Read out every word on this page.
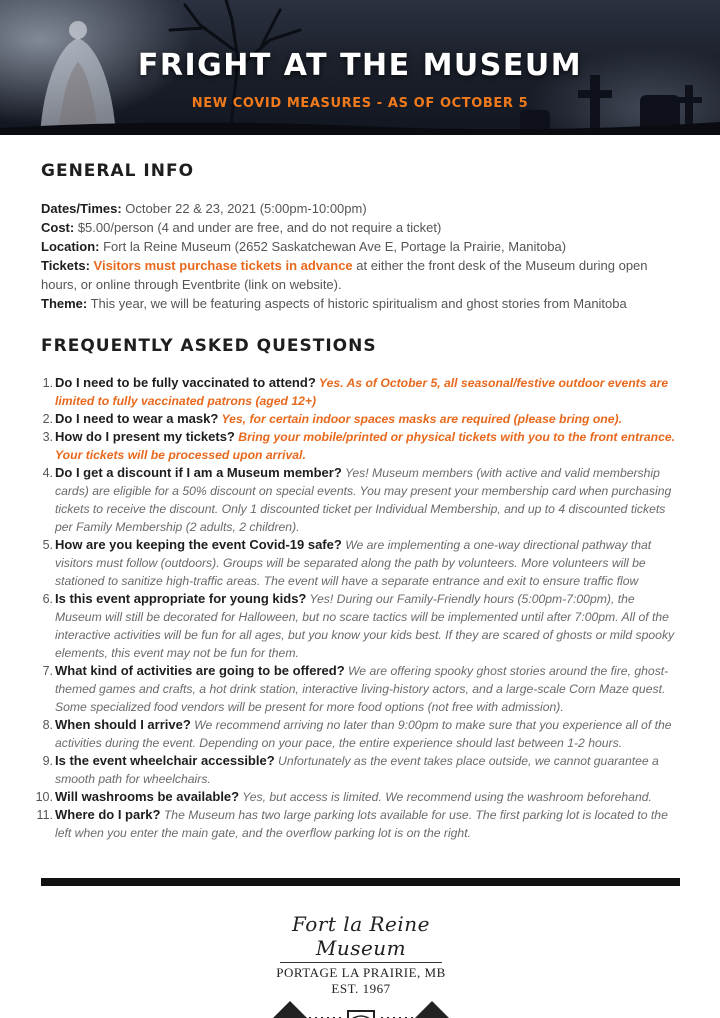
FRIGHT AT THE MUSEUM
NEW COVID MEASURES - AS OF OCTOBER 5
GENERAL INFO
Dates/Times: October 22 & 23, 2021 (5:00pm-10:00pm)
Cost: $5.00/person (4 and under are free, and do not require a ticket)
Location: Fort la Reine Museum (2652 Saskatchewan Ave E, Portage la Prairie, Manitoba)
Tickets: Visitors must purchase tickets in advance at either the front desk of the Museum during open hours, or online through Eventbrite (link on website).
Theme: This year, we will be featuring aspects of historic spiritualism and ghost stories from Manitoba
FREQUENTLY ASKED QUESTIONS
1. Do I need to be fully vaccinated to attend? Yes. As of October 5, all seasonal/festive outdoor events are limited to fully vaccinated patrons (aged 12+)
2. Do I need to wear a mask? Yes, for certain indoor spaces masks are required (please bring one).
3. How do I present my tickets? Bring your mobile/printed or physical tickets with you to the front entrance. Your tickets will be processed upon arrival.
4. Do I get a discount if I am a Museum member? Yes! Museum members (with active and valid membership cards) are eligible for a 50% discount on special events. You may present your membership card when purchasing tickets to receive the discount. Only 1 discounted ticket per Individual Membership, and up to 4 discounted tickets per Family Membership (2 adults, 2 children).
5. How are you keeping the event Covid-19 safe? We are implementing a one-way directional pathway that visitors must follow (outdoors). Groups will be separated along the path by volunteers. More volunteers will be stationed to sanitize high-traffic areas. The event will have a separate entrance and exit to ensure traffic flow
6. Is this event appropriate for young kids? Yes! During our Family-Friendly hours (5:00pm-7:00pm), the Museum will still be decorated for Halloween, but no scare tactics will be implemented until after 7:00pm. All of the interactive activities will be fun for all ages, but you know your kids best. If they are scared of ghosts or mild spooky elements, this event may not be fun for them.
7. What kind of activities are going to be offered? We are offering spooky ghost stories around the fire, ghost-themed games and crafts, a hot drink station, interactive living-history actors, and a large-scale Corn Maze quest. Some specialized food vendors will be present for more food options (not free with admission).
8. When should I arrive? We recommend arriving no later than 9:00pm to make sure that you experience all of the activities during the event. Depending on your pace, the entire experience should last between 1-2 hours.
9. Is the event wheelchair accessible? Unfortunately as the event takes place outside, we cannot guarantee a smooth path for wheelchairs.
10. Will washrooms be available? Yes, but access is limited. We recommend using the washroom beforehand.
11. Where do I park? The Museum has two large parking lots available for use. The first parking lot is located to the left when you enter the main gate, and the overflow parking lot is on the right.
Fort la Reine Museum
PORTAGE LA PRAIRIE, MB
EST. 1967
